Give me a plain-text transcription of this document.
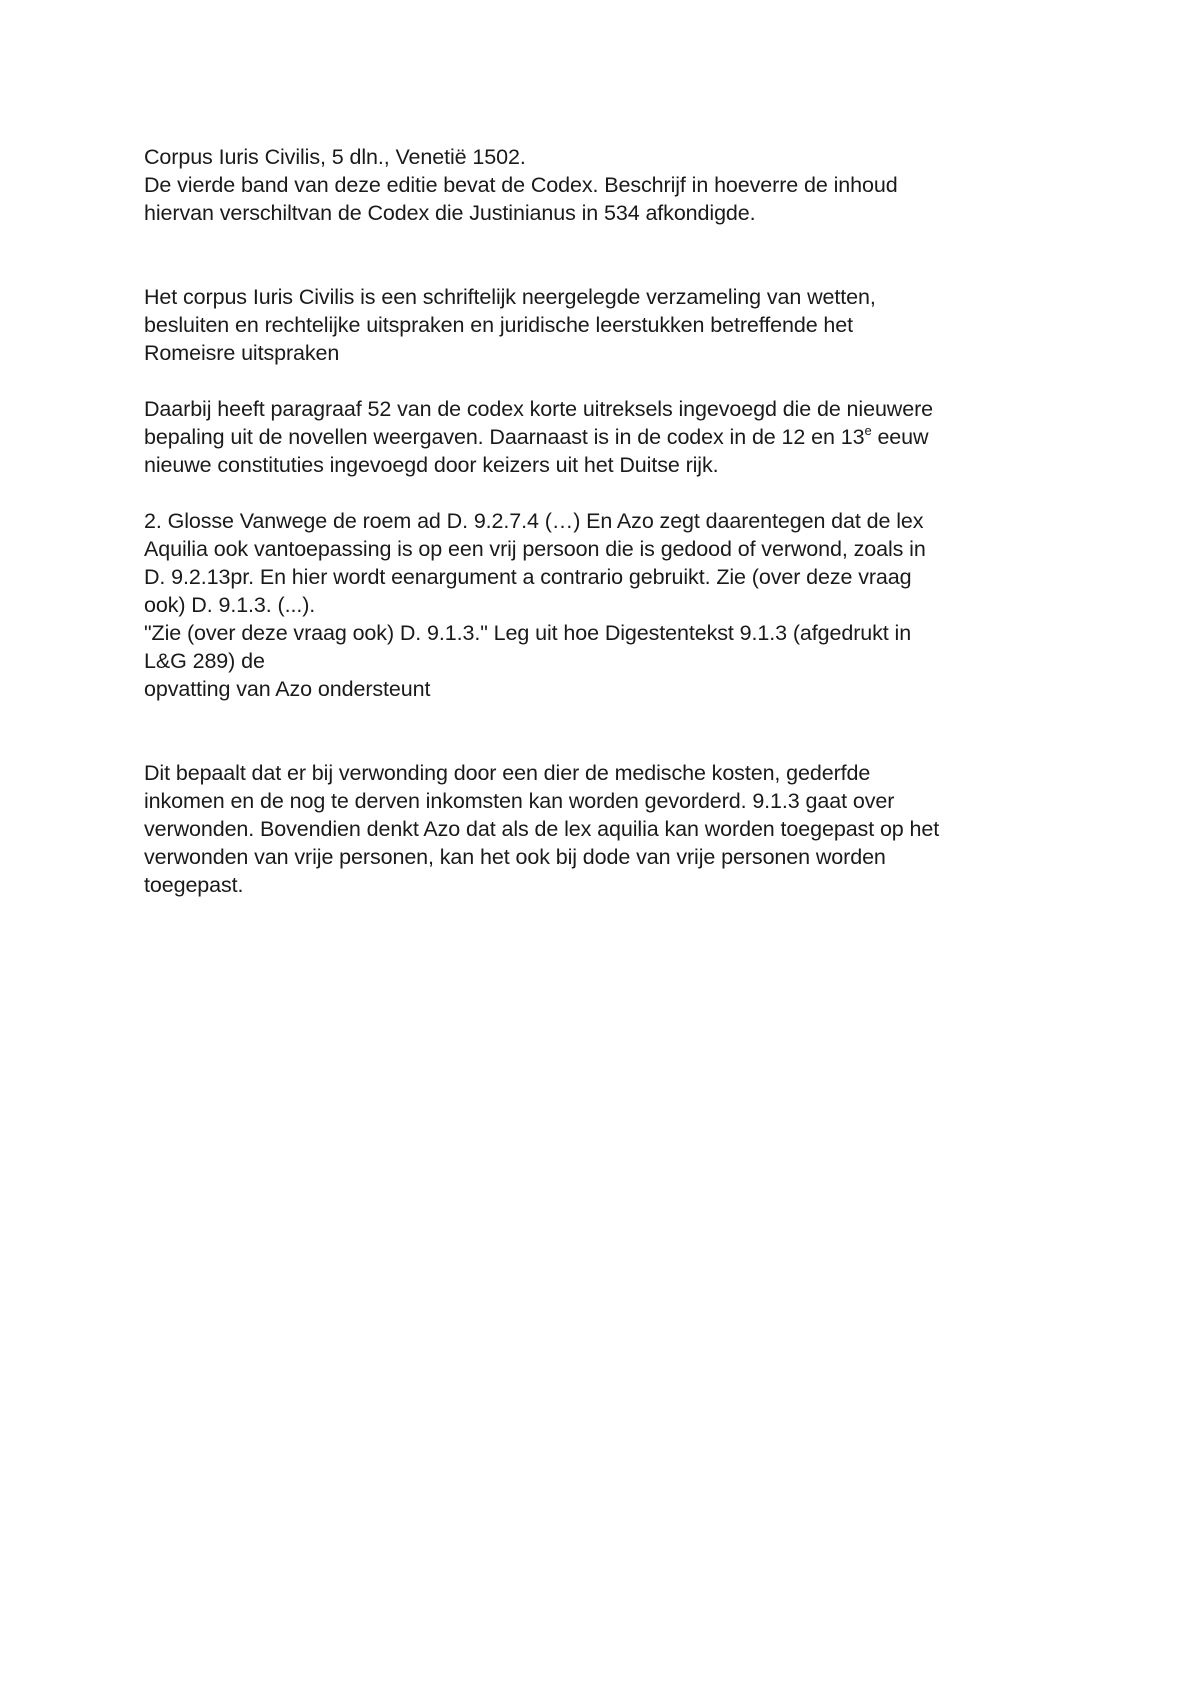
Corpus Iuris Civilis, 5 dln., Venetië 1502.
De vierde band van deze editie bevat de Codex. Beschrijf in hoeverre de inhoud
hiervan verschiltvan de Codex die Justinianus in 534 afkondigde.

Het corpus Iuris Civilis is een schriftelijk neergelegde verzameling van wetten,
besluiten en rechtelijke uitspraken en juridische leerstukken betreffende het
Romeisre uitspraken

Daarbij heeft paragraaf 52 van de codex korte uitreksels ingevoegd die de nieuwere
bepaling uit de novellen weergaven. Daarnaast is in de codex in de 12 en 13e eeuw
nieuwe constituties ingevoegd door keizers uit het Duitse rijk.

2. Glosse Vanwege de roem ad D. 9.2.7.4 (…) En Azo zegt daarentegen dat de lex
Aquilia ook vantoepassing is op een vrij persoon die is gedood of verwond, zoals in
D. 9.2.13pr. En hier wordt eenargument a contrario gebruikt. Zie (over deze vraag
ook) D. 9.1.3. (...).
"Zie (over deze vraag ook) D. 9.1.3." Leg uit hoe Digestentekst 9.1.3 (afgedrukt in
L&G 289) de
opvatting van Azo ondersteunt

Dit bepaalt dat er bij verwonding door een dier de medische kosten, gederfde
inkomen en de nog te derven inkomsten kan worden gevorderd. 9.1.3 gaat over
verwonden. Bovendien denkt Azo dat als de lex aquilia kan worden toegepast op het
verwonden van vrije personen, kan het ook bij dode van vrije personen worden
toegepast.
